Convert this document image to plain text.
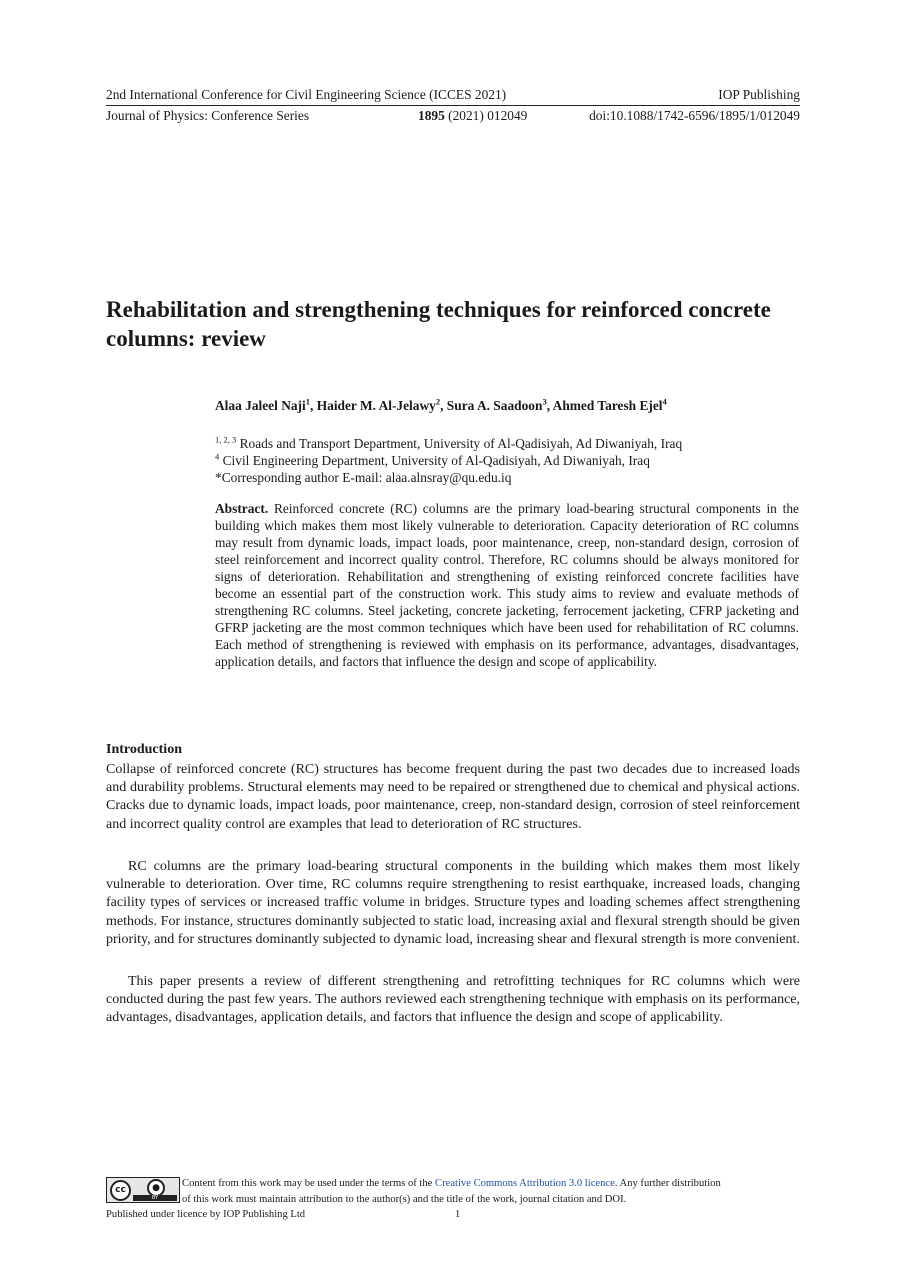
2nd International Conference for Civil Engineering Science (ICCES 2021)	IOP Publishing
Journal of Physics: Conference Series	1895 (2021) 012049	doi:10.1088/1742-6596/1895/1/012049
Rehabilitation and strengthening techniques for reinforced concrete columns: review
Alaa Jaleel Naji$^1$, Haider M. Al-Jelawy$^2$, Sura A. Saadoon$^3$, Ahmed Taresh Ejel$^4$
$^{1, 2, 3}$ Roads and Transport Department, University of Al-Qadisiyah, Ad Diwaniyah, Iraq
$^4$ Civil Engineering Department, University of Al-Qadisiyah, Ad Diwaniyah, Iraq
*Corresponding author E-mail: alaa.alnsray@qu.edu.iq
Abstract. Reinforced concrete (RC) columns are the primary load-bearing structural components in the building which makes them most likely vulnerable to deterioration. Capacity deterioration of RC columns may result from dynamic loads, impact loads, poor maintenance, creep, non-standard design, corrosion of steel reinforcement and incorrect quality control. Therefore, RC columns should be always monitored for signs of deterioration. Rehabilitation and strengthening of existing reinforced concrete facilities have become an essential part of the construction work. This study aims to review and evaluate methods of strengthening RC columns. Steel jacketing, concrete jacketing, ferrocement jacketing, CFRP jacketing and GFRP jacketing are the most common techniques which have been used for rehabilitation of RC columns. Each method of strengthening is reviewed with emphasis on its performance, advantages, disadvantages, application details, and factors that influence the design and scope of applicability.
Introduction
Collapse of reinforced concrete (RC) structures has become frequent during the past two decades due to increased loads and durability problems. Structural elements may need to be repaired or strengthened due to chemical and physical actions. Cracks due to dynamic loads, impact loads, poor maintenance, creep, non-standard design, corrosion of steel reinforcement and incorrect quality control are examples that lead to deterioration of RC structures.
RC columns are the primary load-bearing structural components in the building which makes them most likely vulnerable to deterioration. Over time, RC columns require strengthening to resist earthquake, increased loads, changing facility types of services or increased traffic volume in bridges. Structure types and loading schemes affect strengthening methods. For instance, structures dominantly subjected to static load, increasing axial and flexural strength should be given priority, and for structures dominantly subjected to dynamic load, increasing shear and flexural strength is more convenient.
This paper presents a review of different strengthening and retrofitting techniques for RC columns which were conducted during the past few years. The authors reviewed each strengthening technique with emphasis on its performance, advantages, disadvantages, application details, and factors that influence the design and scope of applicability.
cc	●
BY
Content from this work may be used under the terms of the Creative Commons Attribution 3.0 licence. Any further distribution
of this work must maintain attribution to the author(s) and the title of the work, journal citation and DOI.
Published under licence by IOP Publishing Ltd	1
